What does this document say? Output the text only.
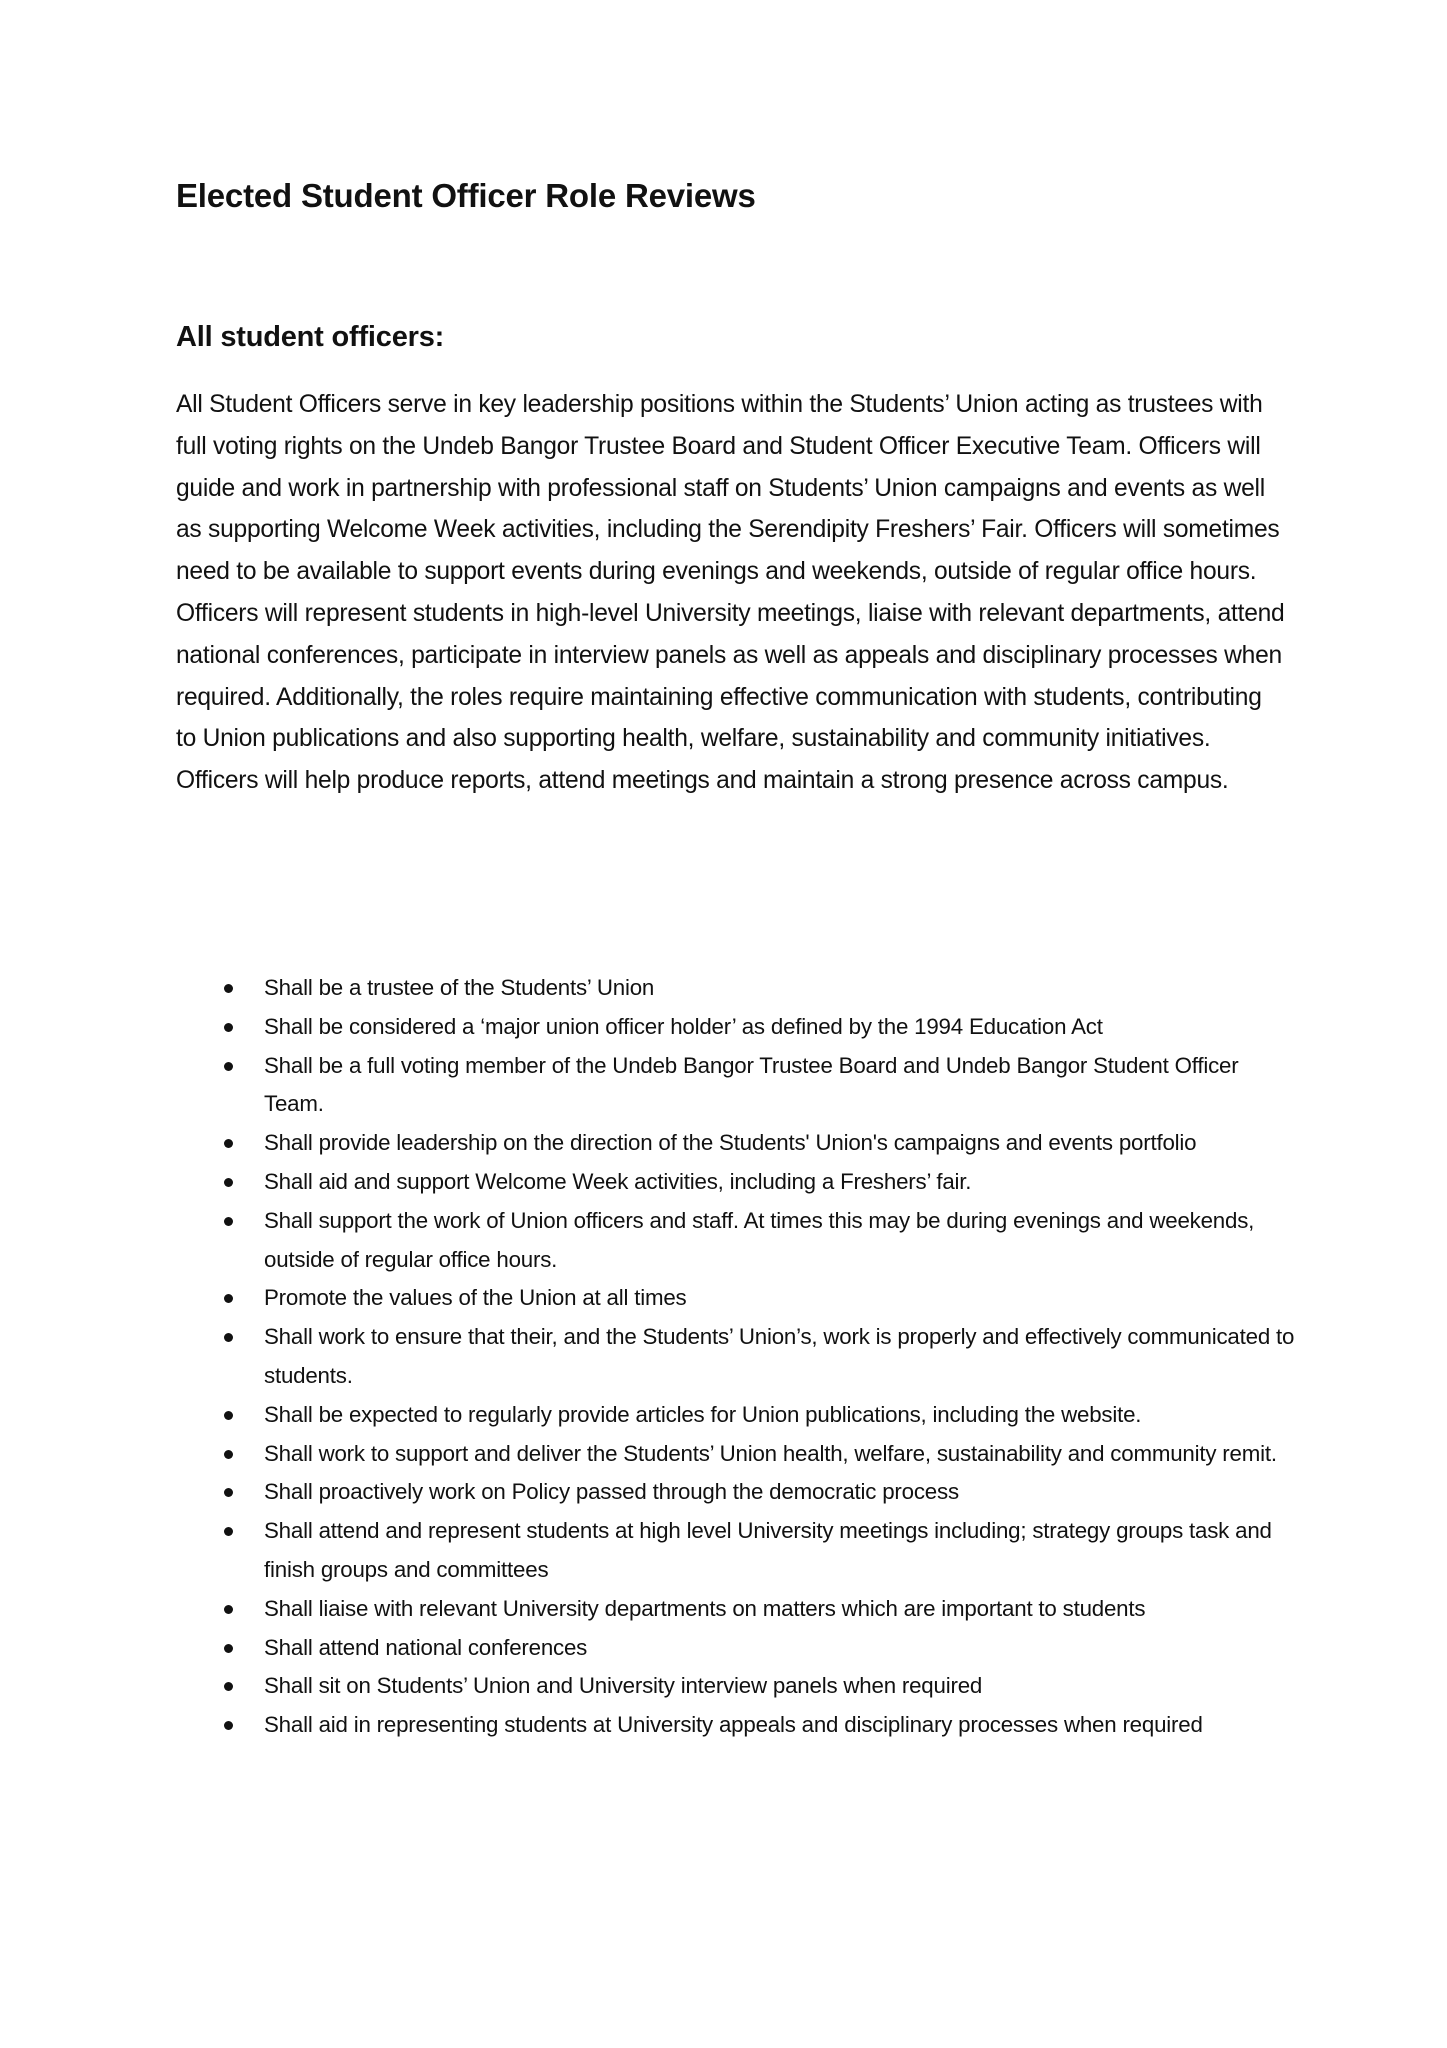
Elected Student Officer Role Reviews
All student officers:

All Student Officers serve in key leadership positions within the Students’ Union acting as trustees with full voting rights on the Undeb Bangor Trustee Board and Student Officer Executive Team. Officers will guide and work in partnership with professional staff on Students’ Union campaigns and events as well as supporting Welcome Week activities, including the Serendipity Freshers’ Fair. Officers will sometimes need to be available to support events during evenings and weekends, outside of regular office hours. Officers will represent students in high-level University meetings, liaise with relevant departments, attend national conferences, participate in interview panels as well as appeals and disciplinary processes when required. Additionally, the roles require maintaining effective communication with students, contributing to Union publications and also supporting health, welfare, sustainability and community initiatives. Officers will help produce reports, attend meetings and maintain a strong presence across campus.

Shall be a trustee of the Students’ Union
Shall be considered a ‘major union officer holder’ as defined by the 1994 Education Act
Shall be a full voting member of the Undeb Bangor Trustee Board and Undeb Bangor Student Officer Team.
Shall provide leadership on the direction of the Students' Union's campaigns and events portfolio
Shall aid and support Welcome Week activities, including a Freshers’ fair.
Shall support the work of Union officers and staff. At times this may be during evenings and weekends, outside of regular office hours.
Promote the values of the Union at all times
Shall work to ensure that their, and the Students’ Union’s, work is properly and effectively communicated to students.
Shall be expected to regularly provide articles for Union publications, including the website.
Shall work to support and deliver the Students’ Union health, welfare, sustainability and community remit.
Shall proactively work on Policy passed through the democratic process
Shall attend and represent students at high level University meetings including; strategy groups task and finish groups and committees
Shall liaise with relevant University departments on matters which are important to students
Shall attend national conferences
Shall sit on Students’ Union and University interview panels when required
Shall aid in representing students at University appeals and disciplinary processes when required
